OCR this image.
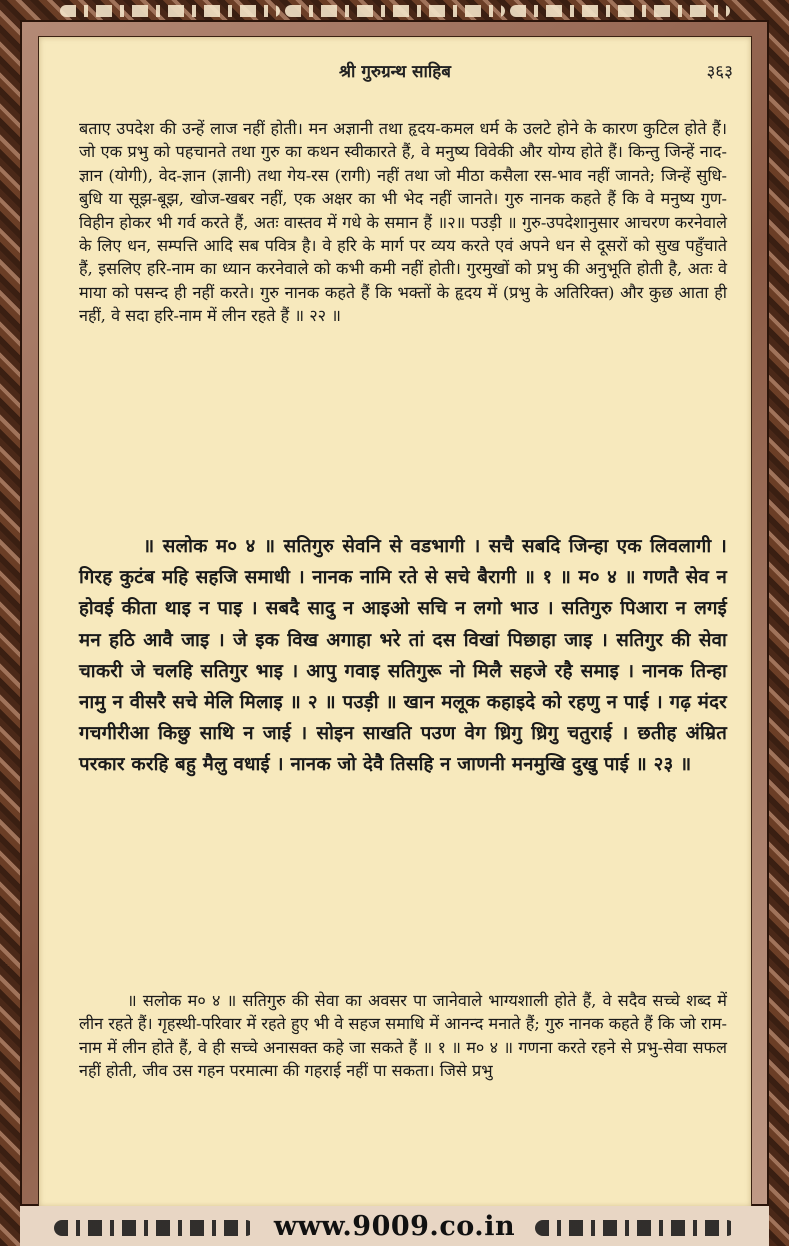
श्री गुरुग्रन्थ साहिब	३६३

बताए उपदेश की उन्हें लाज नहीं होती। मन अज्ञानी तथा हृदय-कमल धर्म के उलटे होने के कारण कुटिल होते हैं। जो एक प्रभु को पहचानते तथा गुरु का कथन स्वीकारते हैं, वे मनुष्य विवेकी और योग्य होते हैं। किन्तु जिन्हें नाद-ज्ञान (योगी), वेद-ज्ञान (ज्ञानी) तथा गेय-रस (रागी) नहीं तथा जो मीठा कसैला रस-भाव नहीं जानते; जिन्हें सुधि-बुधि या सूझ-बूझ, खोज-खबर नहीं, एक अक्षर का भी भेद नहीं जानते। गुरु नानक कहते हैं कि वे मनुष्य गुण-विहीन होकर भी गर्व करते हैं, अतः वास्तव में गधे के समान हैं ॥२॥ पउड़ी ॥ गुरु-उपदेशानुसार आचरण करनेवाले के लिए धन, सम्पत्ति आदि सब पवित्र है। वे हरि के मार्ग पर व्यय करते एवं अपने धन से दूसरों को सुख पहुँचाते हैं, इसलिए हरि-नाम का ध्यान करनेवाले को कभी कमी नहीं होती। गुरमुखों को प्रभु की अनुभूति होती है, अतः वे माया को पसन्द ही नहीं करते। गुरु नानक कहते हैं कि भक्तों के हृदय में (प्रभु के अतिरिक्त) और कुछ आता ही नहीं, वे सदा हरि-नाम में लीन रहते हैं ॥ २२ ॥

॥ सलोक म० ४ ॥ सतिगुरु सेवनि से वडभागी । सचै सबदि जिन्हा एक लिवलागी । गिरह कुटंब महि सहजि समाधी । नानक नामि रते से सचे बैरागी ॥ १ ॥ म० ४ ॥ गणतै सेव न होवई कीता थाइ न पाइ । सबदै सादु न आइओ सचि न लगो भाउ । सतिगुरु पिआरा न लगई मन हठि आवै जाइ । जे इक विख अगाहा भरे तां दस विखां पिछाहा जाइ । सतिगुर की सेवा चाकरी जे चलहि सतिगुर भाइ । आपु गवाइ सतिगुरू नो मिलै सहजे रहै समाइ । नानक तिन्हा नामु न वीसरै सचे मेलि मिलाइ ॥ २ ॥ पउड़ी ॥ खान मलूक कहाइदे को रहणु न पाई । गढ़ मंदर गचगीरीआ किछु साथि न जाई । सोइन साखति पउण वेग ध्रिगु ध्रिगु चतुराई । छतीह अंम्रित परकार करहि बहु मैलु वधाई । नानक जो देवै तिसहि न जाणनी मनमुखि दुखु पाई ॥ २३ ॥

॥ सलोक म० ४ ॥ सतिगुरु की सेवा का अवसर पा जानेवाले भाग्यशाली होते हैं, वे सदैव सच्चे शब्द में लीन रहते हैं। गृहस्थी-परिवार में रहते हुए भी वे सहज समाधि में आनन्द मनाते हैं; गुरु नानक कहते हैं कि जो राम-नाम में लीन होते हैं, वे ही सच्चे अनासक्त कहे जा सकते हैं ॥ १ ॥ म० ४ ॥ गणना करते रहने से प्रभु-सेवा सफल नहीं होती, जीव उस गहन परमात्मा की गहराई नहीं पा सकता। जिसे प्रभु

www.9009.co.in
